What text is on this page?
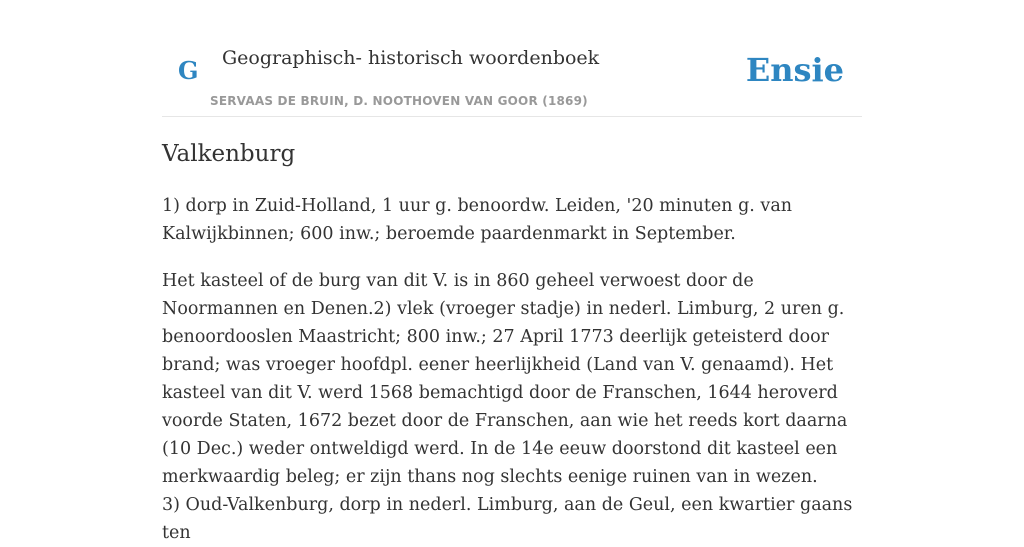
G Geographisch- historisch woordenboek
SERVAAS DE BRUIN, D. NOOTHOVEN VAN GOOR (1869)
Ensie
Valkenburg

1) dorp in Zuid-Holland, 1 uur g. benoordw. Leiden, '20 minuten g. van Kalwijkbinnen; 600 inw.; beroemde paardenmarkt in September.

Het kasteel of de burg van dit V. is in 860 geheel verwoest door de Noormannen en Denen.2) vlek (vroeger stadje) in nederl. Limburg, 2 uren g. benoordooslen Maastricht; 800 inw.; 27 April 1773 deerlijk geteisterd door brand; was vroeger hoofdpl. eener heerlijkheid (Land van V. genaamd). Het kasteel van dit V. werd 1568 bemachtigd door de Franschen, 1644 heroverd voorde Staten, 1672 bezet door de Franschen, aan wie het reeds kort daarna (10 Dec.) weder ontweldigd werd. In de 14e eeuw doorstond dit kasteel een merkwaardig beleg; er zijn thans nog slechts eenige ruinen van in wezen.

3) Oud-Valkenburg, dorp in nederl. Limburg, aan de Geul, een kwartier gaans ten
